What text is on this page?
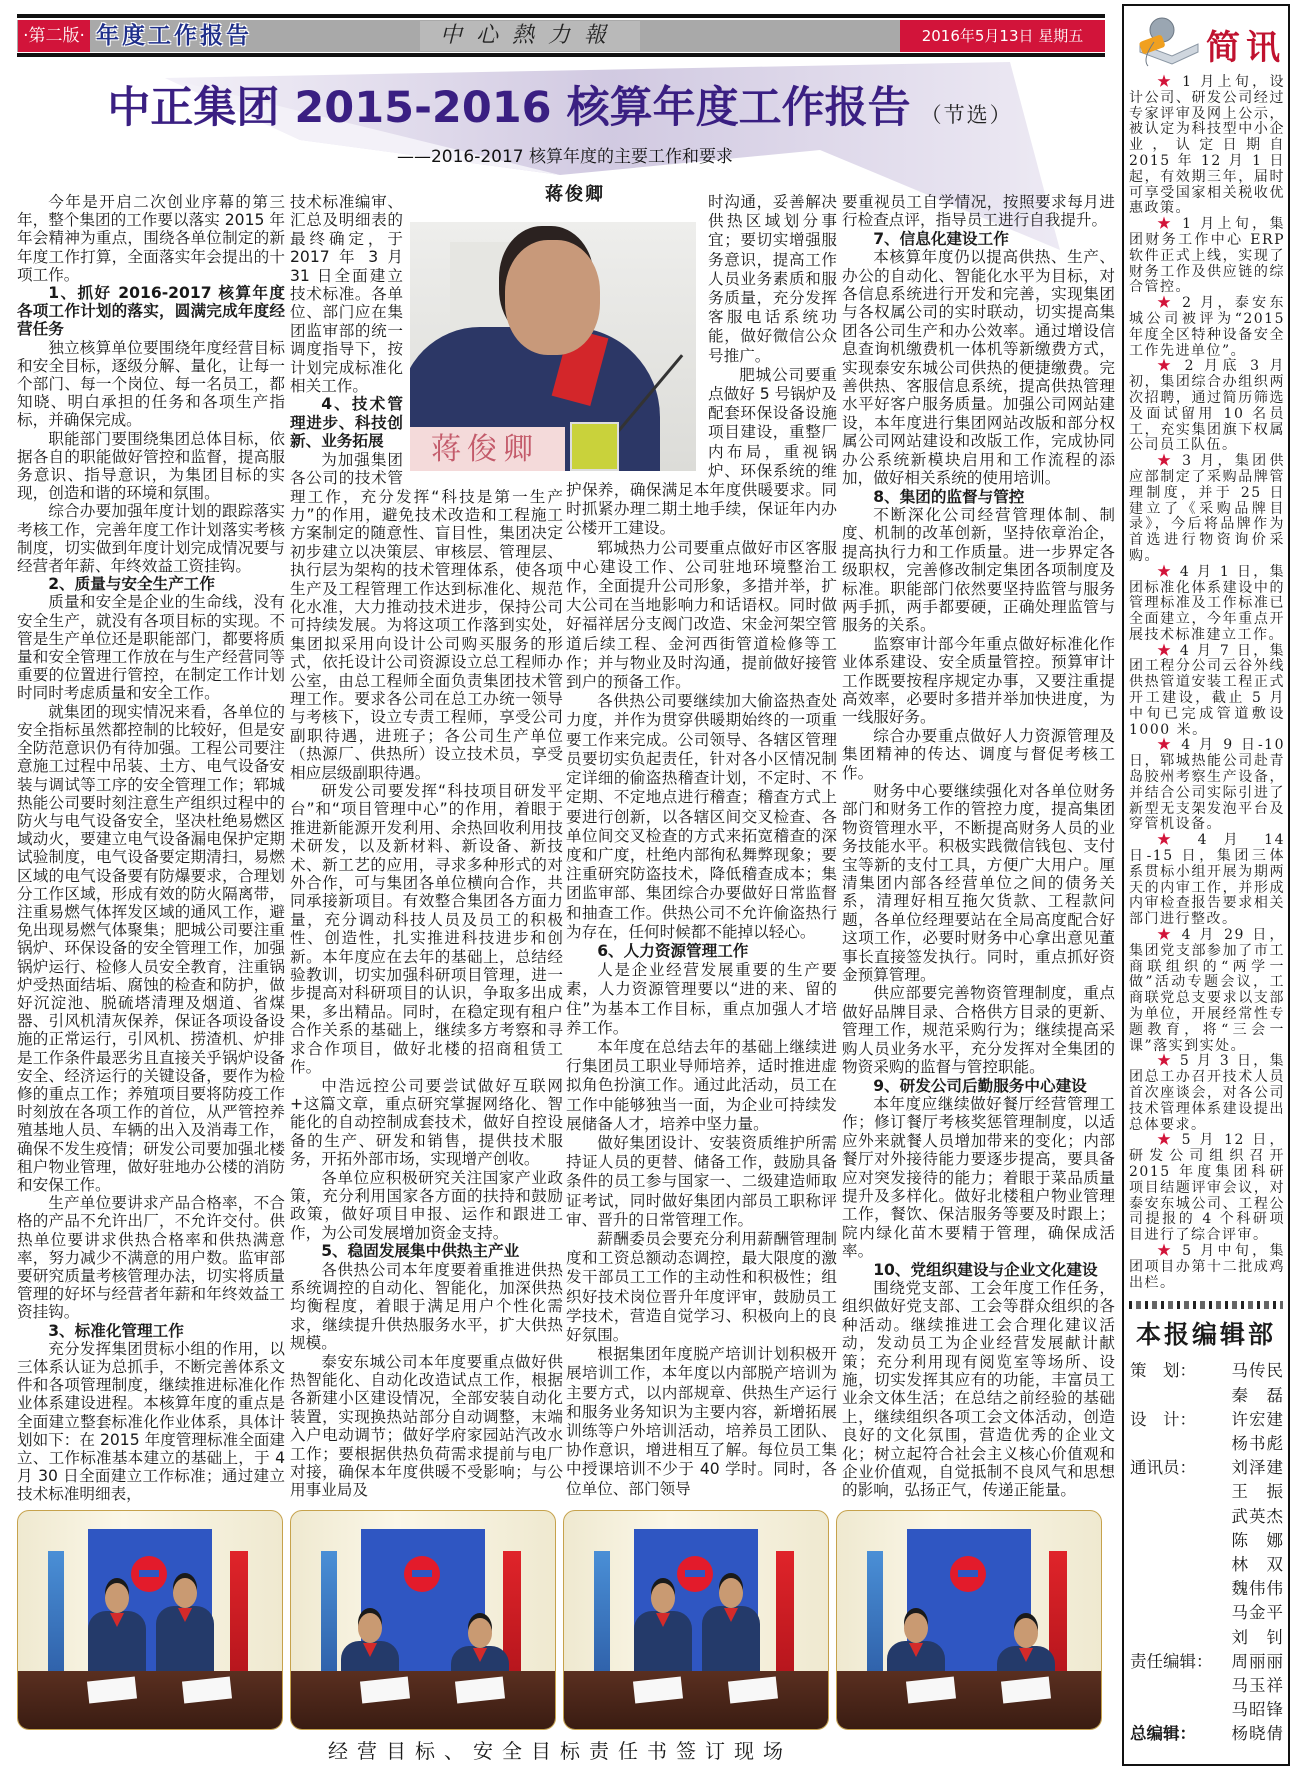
·第二版· 年度工作报告	中心熱力報	2016年5月13日 星期五
中正集团 2015-2016 核算年度工作报告 （节选）
——2016-2017 核算年度的主要工作和要求
蒋俊卿

今年是开启二次创业序幕的第三年，整个集团的工作要以落实 2015 年年会精神为重点，围绕各单位制定的新年度工作打算，全面落实年会提出的十项工作。

1、抓好 2016-2017 核算年度各项工作计划的落实，圆满完成年度经营任务

独立核算单位要围绕年度经营目标和安全目标，逐级分解、量化，让每一个部门、每一个岗位、每一名员工，都知晓、明白承担的任务和各项生产指标，并确保完成。

职能部门要围绕集团总体目标，依据各自的职能做好管控和监督，提高服务意识、指导意识，为集团目标的实现，创造和谐的环境和氛围。

综合办要加强年度计划的跟踪落实考核工作，完善年度工作计划落实考核制度，切实做到年度计划完成情况要与经营者年薪、年终效益工资挂钩。

2、质量与安全生产工作

质量和安全是企业的生命线，没有安全生产，就没有各项目标的实现。不管是生产单位还是职能部门，都要将质量和安全管理工作放在与生产经营同等重要的位置进行管控，在制定工作计划时同时考虑质量和安全工作。

就集团的现实情况来看，各单位的安全指标虽然都控制的比较好，但是安全防范意识仍有待加强。工程公司要注意施工过程中吊装、土方、电气设备安装与调试等工序的安全管理工作；郓城热能公司要时刻注意生产组织过程中的防火与电气设备安全，坚决杜绝易燃区域动火，要建立电气设备漏电保护定期试验制度，电气设备要定期清扫，易燃区域的电气设备要有防爆要求，合理划分工作区域，形成有效的防火隔离带，注重易燃气体挥发区域的通风工作，避免出现易燃气体聚集；肥城公司要注重锅炉、环保设备的安全管理工作，加强锅炉运行、检修人员安全教育，注重锅炉受热面结垢、腐蚀的检查和防护，做好沉淀池、脱硫塔清理及烟道、省煤器、引风机清灰保养，保证各项设备设施的正常运行，引风机、捞渣机、炉排是工作条件最恶劣且直接关乎锅炉设备安全、经济运行的关键设备，要作为检修的重点工作；养殖项目要将防疫工作时刻放在各项工作的首位，从严管控养殖基地人员、车辆的出入及消毒工作，确保不发生疫情；研发公司要加强北楼租户物业管理，做好驻地办公楼的消防和安保工作。

生产单位要讲求产品合格率，不合格的产品不允许出厂，不允许交付。供热单位要讲求供热合格率和供热满意率，努力减少不满意的用户数。监审部要研究质量考核管理办法，切实将质量管理的好坏与经营者年薪和年终效益工资挂钩。

3、标准化管理工作

充分发挥集团贯标小组的作用，以三体系认证为总抓手，不断完善体系文件和各项管理制度，继续推进标准化作业体系建设进程。本核算年度的重点是全面建立整套标准化作业体系，具体计划如下：在 2015 年度管理标准全面建立、工作标准基本建立的基础上，于 4 月 30 日全面建立工作标准；通过建立技术标准明细表，

技术标准编审、汇总及明细表的最终确定，于 2017 年 3 月 31 日全面建立技术标准。各单位、部门应在集团监审部的统一调度指导下，按计划完成标准化相关工作。

4、技术管理进步、科技创新、业务拓展

为加强集团各公司的技术管理工作，充分发挥“科技是第一生产力”的作用，避免技术改造和工程施工方案制定的随意性、盲目性，集团决定初步建立以决策层、审核层、管理层、执行层为架构的技术管理体系，使各项生产及工程管理工作达到标准化、规范化水准，大力推动技术进步，保持公司可持续发展。为将这项工作落到实处，集团拟采用向设计公司购买服务的形式，依托设计公司资源设立总工程师办公室，由总工程师全面负责集团技术管理工作。要求各公司在总工办统一领导与考核下，设立专责工程师，享受公司副职待遇，进班子；各公司生产单位（热源厂、供热所）设立技术员，享受相应层级副职待遇。

研发公司要发挥“科技项目研发平台”和“项目管理中心”的作用，着眼于推进新能源开发利用、余热回收利用技术研发，以及新材料、新设备、新技术、新工艺的应用，寻求多种形式的对外合作，可与集团各单位横向合作，共同承接新项目。有效整合集团各方面力量，充分调动科技人员及员工的积极性、创造性，扎实推进科技进步和创新。本年度应在去年的基础上，总结经验教训，切实加强科研项目管理，进一步提高对科研项目的认识，争取多出成果，多出精品。同时，在稳定现有租户合作关系的基础上，继续多方考察和寻求合作项目，做好北楼的招商租赁工作。

中浩远控公司要尝试做好互联网+这篇文章，重点研究掌握网络化、智能化的自动控制成套技术，做好自控设备的生产、研发和销售，提供技术服务，开拓外部市场，实现增产创收。

各单位应积极研究关注国家产业政策，充分利用国家各方面的扶持和鼓励政策，做好项目申报、运作和跟进工作，为公司发展增加资金支持。

5、稳固发展集中供热主产业

各供热公司本年度要着重推进供热系统调控的自动化、智能化，加深供热均衡程度，着眼于满足用户个性化需求，继续提升供热服务水平，扩大供热规模。

泰安东城公司本年度要重点做好供热智能化、自动化改造试点工作，根据各新建小区建设情况，全部安装自动化装置，实现换热站部分自动调整，末端入户电动调节；做好学府家园站汽改水工作；要根据供热负荷需求提前与电厂对接，确保本年度供暖不受影响；与公用事业局及

时沟通，妥善解决供热区域划分事宜；要切实增强服务意识，提高工作人员业务素质和服务质量，充分发挥客服电话系统功能，做好微信公众号推广。

肥城公司要重点做好 5 号锅炉及配套环保设备设施项目建设，重整厂内布局，重视锅炉、环保系统的维护保养，确保满足本年度供暖要求。同时抓紧办理二期土地手续，保证年内办公楼开工建设。

郓城热力公司要重点做好市区客服中心建设工作、公司驻地环境整治工作，全面提升公司形象，多措并举，扩大公司在当地影响力和话语权。同时做好福祥居分支阀门改造、宋金河架空管道后续工程、金河西街管道检修等工作；并与物业及时沟通，提前做好接管到户的预备工作。

各供热公司要继续加大偷盗热查处力度，并作为贯穿供暖期始终的一项重要工作来完成。公司领导、各辖区管理员要切实负起责任，针对各小区情况制定详细的偷盗热稽查计划，不定时、不定期、不定地点进行稽查；稽查方式上要进行创新，以各辖区间交叉检查、各单位间交叉检查的方式来拓宽稽查的深度和广度，杜绝内部徇私舞弊现象；要注重研究防盗技术，降低稽查成本；集团监审部、集团综合办要做好日常监督和抽查工作。供热公司不允许偷盗热行为存在，任何时候都不能掉以轻心。

6、人力资源管理工作

人是企业经营发展重要的生产要素，人力资源管理要以“进的来、留的住”为基本工作目标，重点加强人才培养工作。

本年度在总结去年的基础上继续进行集团员工职业导师培养，适时推进虚拟角色扮演工作。通过此活动，员工在工作中能够独当一面，为企业可持续发展储备人才，培养中坚力量。

做好集团设计、安装资质维护所需持证人员的更替、储备工作，鼓励具备条件的员工参与国家一、二级建造师取证考试，同时做好集团内部员工职称评审、晋升的日常管理工作。

薪酬委员会要充分利用薪酬管理制度和工资总额动态调控，最大限度的激发干部员工工作的主动性和积极性；组织好技术岗位晋升年度评审，鼓励员工学技术，营造自觉学习、积极向上的良好氛围。

根据集团年度脱产培训计划积极开展培训工作，本年度以内部脱产培训为主要方式，以内部规章、供热生产运行和服务业务知识为主要内容，新增拓展训练等户外培训活动，培养员工团队、协作意识，增进相互了解。每位员工集中授课培训不少于 40 学时。同时，各位单位、部门领导

要重视员工自学情况，按照要求每月进行检查点评，指导员工进行自我提升。

7、信息化建设工作

本核算年度仍以提高供热、生产、办公的自动化、智能化水平为目标，对各信息系统进行开发和完善，实现集团与各权属公司的实时联动，切实提高集团各公司生产和办公效率。通过增设信息查询机缴费机一体机等新缴费方式，实现泰安东城公司供热的便捷缴费。完善供热、客服信息系统，提高供热管理水平好客户服务质量。加强公司网站建设，本年度进行集团网站改版和部分权属公司网站建设和改版工作，完成协同办公系统新模块启用和工作流程的添加，做好相关系统的使用培训。

8、集团的监督与管控

不断深化公司经营管理体制、制度、机制的改革创新，坚持依章治企，提高执行力和工作质量。进一步界定各级职权，完善修改制定集团各项制度及标准。职能部门依然要坚持监管与服务两手抓，两手都要硬，正确处理监管与服务的关系。

监察审计部今年重点做好标准化作业体系建设、安全质量管控。预算审计工作既要按程序规定办事，又要注重提高效率，必要时多措并举加快进度，为一线服好务。

综合办要重点做好人力资源管理及集团精神的传达、调度与督促考核工作。

财务中心要继续强化对各单位财务部门和财务工作的管控力度，提高集团物资管理水平，不断提高财务人员的业务技能水平。积极实践微信钱包、支付宝等新的支付工具，方便广大用户。厘清集团内部各经营单位之间的债务关系，清理好相互拖欠货款、工程款问题，各单位经理要站在全局高度配合好这项工作，必要时财务中心拿出意见董事长直接签发执行。同时，重点抓好资金预算管理。

供应部要完善物资管理制度，重点做好品牌目录、合格供方目录的更新、管理工作，规范采购行为；继续提高采购人员业务水平，充分发挥对全集团的物资采购的监督与管控职能。

9、研发公司后勤服务中心建设

本年度应继续做好餐厅经营管理工作；修订餐厅考核奖惩管理制度，以适应外来就餐人员增加带来的变化；内部餐厅对外接待能力要逐步提高，要具备应对突发接待的能力；着眼于菜品质量提升及多样化。做好北楼租户物业管理工作，餐饮、保洁服务等要及时跟上；院内绿化苗木要精于管理，确保成活率。

10、党组织建设与企业文化建设

围绕党支部、工会年度工作任务，组织做好党支部、工会等群众组织的各种活动。继续推进工会合理化建议活动，发动员工为企业经营发展献计献策；充分利用现有阅览室等场所、设施，切实发挥其应有的功能，丰富员工业余文体生活；在总结之前经验的基础上，继续组织各项工会文体活动，创造良好的文化氛围，营造优秀的企业文化；树立起符合社会主义核心价值观和企业价值观，自觉抵制不良风气和思想的影响，弘扬正气，传递正能量。

蒋俊卿
简讯

★ 1 月上旬，设计公司、研发公司经过专家评审及网上公示，被认定为科技型中小企业，认定日期自 2015 年 12 月 1 日起，有效期三年，届时可享受国家相关税收优惠政策。

★ 1 月上旬，集团财务工作中心 ERP 软件正式上线，实现了财务工作及供应链的综合管控。

★ 2 月，泰安东城公司被评为“2015 年度全区特种设备安全工作先进单位”。

★ 2 月底 3 月初，集团综合办组织两次招聘，通过简历筛选及面试留用 10 名员工，充实集团旗下权属公司员工队伍。

★ 3 月，集团供应部制定了采购品牌管理制度，并于 25 日建立了《采购品牌目录》，今后将品牌作为首选进行物资询价采购。

★ 4 月 1 日，集团标准化体系建设中的管理标准及工作标准已全面建立，今年重点开展技术标准建立工作。

★ 4 月 7 日，集团工程分公司云谷外线供热管道安装工程正式开工建设，截止 5 月中旬已完成管道敷设 1000 米。

★ 4 月 9 日-10 日，郓城热能公司赴青岛胶州考察生产设备，并结合公司实际引进了新型无支架发泡平台及穿管机设备。

★ 4 月 14 日-15 日，集团三体系贯标小组开展为期两天的内审工作，并形成内审检查报告要求相关部门进行整改。

★ 4 月 29 日，集团党支部参加了市工商联组织的“两学一做”活动专题会议，工商联党总支要求以支部为单位，开展经常性专题教育，将“三会一课”落实到实处。

★ 5 月 3 日，集团总工办召开技术人员首次座谈会，对各公司技术管理体系建设提出总体要求。

★ 5 月 12 日，研发公司组织召开 2015 年度集团科研项目结题评审会议，对泰安东城公司、工程公司提报的 4 个科研项目进行了综合评审。

★ 5 月中旬，集团项目办第十二批成鸡出栏。

本报编辑部
策　划：	马传民
秦　磊
设　计：	许宏建
杨书彪
通讯员：	刘泽建
王　振
武英杰
陈　娜
林　双
魏伟伟
马金平
刘　钊
责任编辑：	周丽丽
马玉祥
马昭锋
总编辑：	杨晓倩
经营目标、安全目标责任书签订现场
